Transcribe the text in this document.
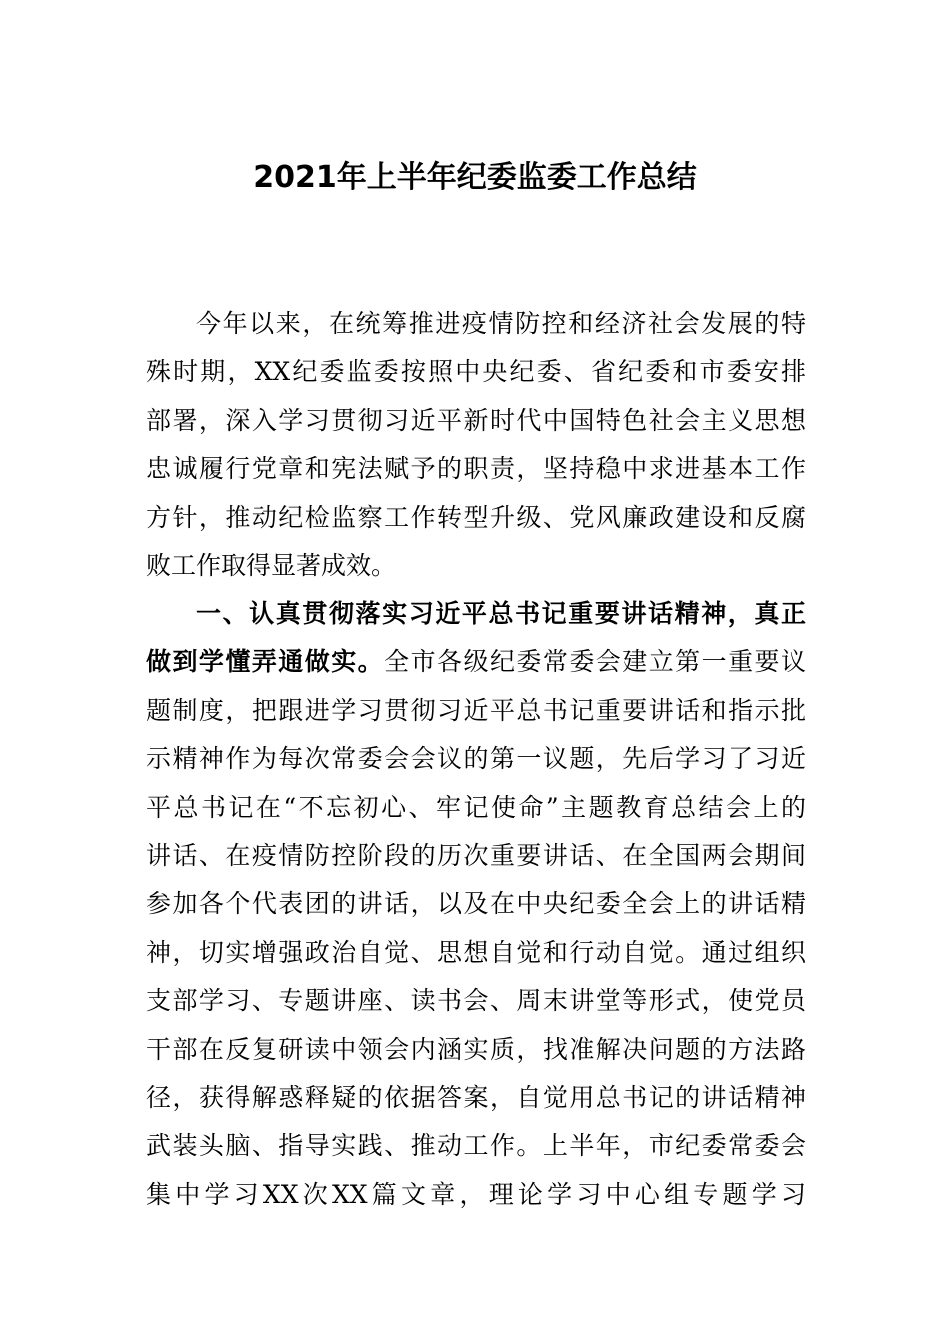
2021年上半年纪委监委工作总结
今年以来，在统筹推进疫情防控和经济社会发展的特
殊时期，XX纪委监委按照中央纪委、省纪委和市委安排
部署，深入学习贯彻习近平新时代中国特色社会主义思想
忠诚履行党章和宪法赋予的职责，坚持稳中求进基本工作
方针，推动纪检监察工作转型升级、党风廉政建设和反腐
败工作取得显著成效。
一、认真贯彻落实习近平总书记重要讲话精神，真正
做到学懂弄通做实。全市各级纪委常委会建立第一重要议
题制度，把跟进学习贯彻习近平总书记重要讲话和指示批
示精神作为每次常委会会议的第一议题，先后学习了习近
平总书记在“不忘初心、牢记使命”主题教育总结会上的
讲话、在疫情防控阶段的历次重要讲话、在全国两会期间
参加各个代表团的讲话，以及在中央纪委全会上的讲话精
神，切实增强政治自觉、思想自觉和行动自觉。通过组织
支部学习、专题讲座、读书会、周末讲堂等形式，使党员
干部在反复研读中领会内涵实质，找准解决问题的方法路
径，获得解惑释疑的依据答案，自觉用总书记的讲话精神
武装头脑、指导实践、推动工作。上半年，市纪委常委会
集中学习XX次XX篇文章，理论学习中心组专题学习
